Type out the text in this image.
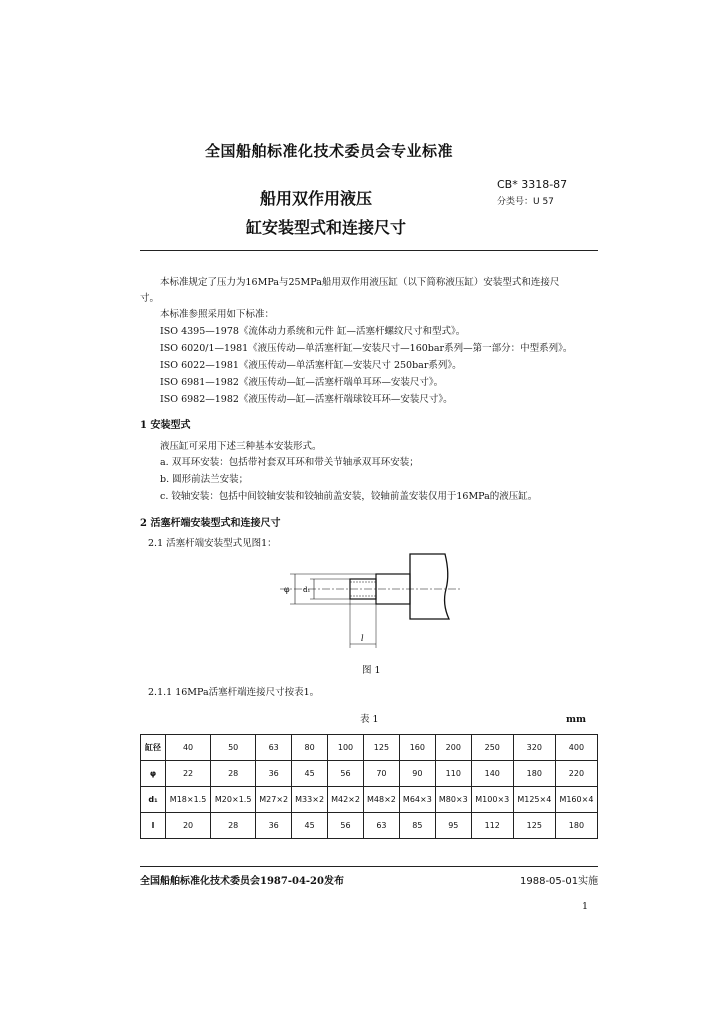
全国船舶标准化技术委员会专业标准
船用双作用液压
缸安装型式和连接尺寸
CB* 3318-87
分类号：U 57
本标准规定了压力为16MPa与25MPa船用双作用液压缸（以下简称液压缸）安装型式和连接尺
寸。
本标准参照采用如下标准：
ISO 4395—1978《流体动力系统和元件 缸—活塞杆螺纹尺寸和型式》。
ISO 6020/1—1981《液压传动—单活塞杆缸—安装尺寸—160bar系列—第一部分：中型系列》。
ISO 6022—1981《液压传动—单活塞杆缸—安装尺寸 250bar系列》。
ISO 6981—1982《液压传动—缸—活塞杆端单耳环—安装尺寸》。
ISO 6982—1982《液压传动—缸—活塞杆端球铰耳环—安装尺寸》。
1 安装型式
液压缸可采用下述三种基本安装形式。
a. 双耳环安装：包括带衬套双耳环和带关节轴承双耳环安装；
b. 圆形前法兰安装；
c. 铰轴安装：包括中间铰轴安装和铰轴前盖安装，铰轴前盖安装仅用于16MPa的液压缸。
2 活塞杆端安装型式和连接尺寸
2.1 活塞杆端安装型式见图1：
φ d₁
l
图 1
2.1.1 16MPa活塞杆端连接尺寸按表1。
表 1	mm
缸径	40	50	63	80	100	125	160	200	250	320	400
φ	22	28	36	45	56	70	90	110	140	180	220
d₁	M18×1.5	M20×1.5	M27×2	M33×2	M42×2	M48×2	M64×3	M80×3	M100×3	M125×4	M160×4
l	20	28	36	45	56	63	85	95	112	125	180
全国船舶标准化技术委员会1987-04-20发布	1988-05-01实施
1
